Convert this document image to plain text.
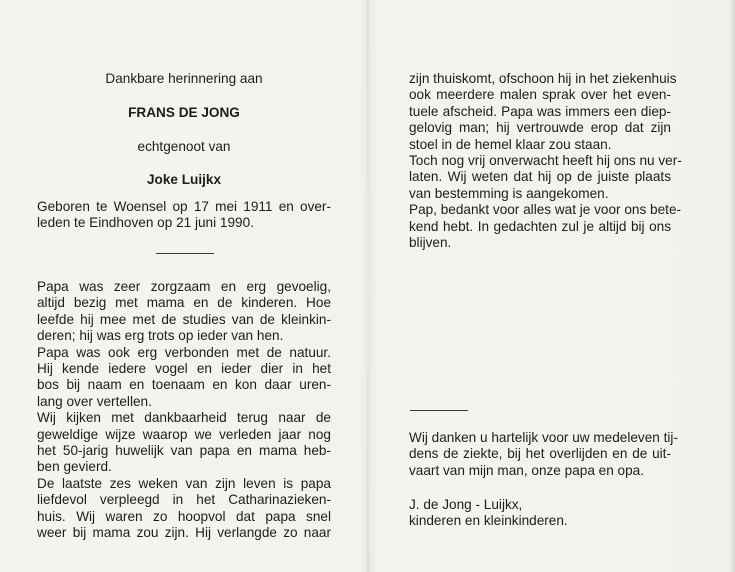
Dankbare herinnering aan
FRANS DE JONG
echtgenoot van
Joke Luijkx
Geboren te Woensel op 17 mei 1911 en over-
leden te Eindhoven op 21 juni 1990.
Papa was zeer zorgzaam en erg gevoelig,
altijd bezig met mama en de kinderen. Hoe
leefde hij mee met de studies van de kleinkin-
deren; hij was erg trots op ieder van hen.
Papa was ook erg verbonden met de natuur.
Hij kende iedere vogel en ieder dier in het
bos bij naam en toenaam en kon daar uren-
lang over vertellen.
Wij kijken met dankbaarheid terug naar de
geweldige wijze waarop we verleden jaar nog
het 50-jarig huwelijk van papa en mama heb-
ben gevierd.
De laatste zes weken van zijn leven is papa
liefdevol verpleegd in het Catharinazieken-
huis. Wij waren zo hoopvol dat papa snel
weer bij mama zou zijn. Hij verlangde zo naar
zijn thuiskomt, ofschoon hij in het ziekenhuis
ook meerdere malen sprak over het even-
tuele afscheid. Papa was immers een diep-
gelovig man; hij vertrouwde erop dat zijn
stoel in de hemel klaar zou staan.
Toch nog vrij onverwacht heeft hij ons nu ver-
laten. Wij weten dat hij op de juiste plaats
van bestemming is aangekomen.
Pap, bedankt voor alles wat je voor ons bete-
kend hebt. In gedachten zul je altijd bij ons
blijven.
Wij danken u hartelijk voor uw medeleven tij-
dens de ziekte, bij het overlijden en de uit-
vaart van mijn man, onze papa en opa.
J. de Jong - Luijkx,
kinderen en kleinkinderen.
